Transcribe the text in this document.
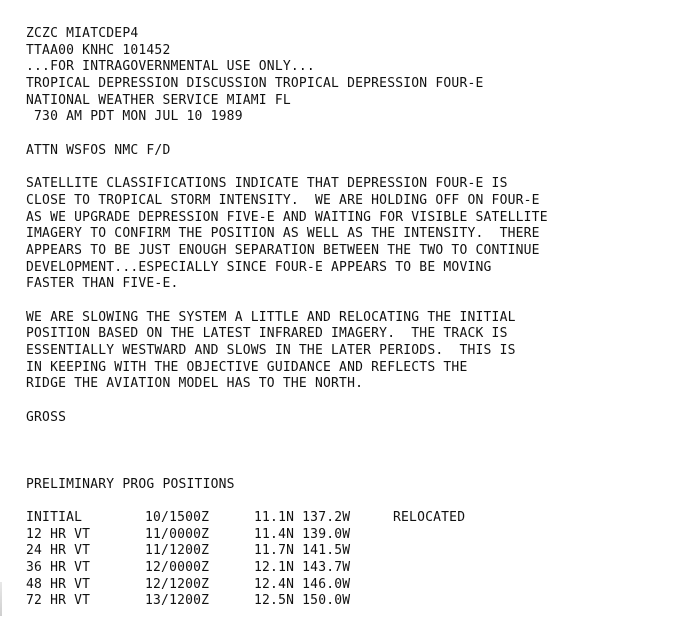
ZCZC MIATCDEP4
TTAA00 KNHC 101452
...FOR INTRAGOVERNMENTAL USE ONLY...
TROPICAL DEPRESSION DISCUSSION TROPICAL DEPRESSION FOUR-E
NATIONAL WEATHER SERVICE MIAMI FL
730 AM PDT MON JUL 10 1989
ATTN WSFOS NMC F/D
SATELLITE CLASSIFICATIONS INDICATE THAT DEPRESSION FOUR-E IS
CLOSE TO TROPICAL STORM INTENSITY.  WE ARE HOLDING OFF ON FOUR-E
AS WE UPGRADE DEPRESSION FIVE-E AND WAITING FOR VISIBLE SATELLITE
IMAGERY TO CONFIRM THE POSITION AS WELL AS THE INTENSITY.  THERE
APPEARS TO BE JUST ENOUGH SEPARATION BETWEEN THE TWO TO CONTINUE
DEVELOPMENT...ESPECIALLY SINCE FOUR-E APPEARS TO BE MOVING
FASTER THAN FIVE-E.
WE ARE SLOWING THE SYSTEM A LITTLE AND RELOCATING THE INITIAL
POSITION BASED ON THE LATEST INFRARED IMAGERY.  THE TRACK IS
ESSENTIALLY WESTWARD AND SLOWS IN THE LATER PERIODS.  THIS IS
IN KEEPING WITH THE OBJECTIVE GUIDANCE AND REFLECTS THE
RIDGE THE AVIATION MODEL HAS TO THE NORTH.
GROSS
PRELIMINARY PROG POSITIONS
INITIAL	10/1500Z	11.1N 137.2W	RELOCATED
12 HR VT	11/0000Z	11.4N 139.0W	
24 HR VT	11/1200Z	11.7N 141.5W	
36 HR VT	12/0000Z	12.1N 143.7W	
48 HR VT	12/1200Z	12.4N 146.0W	
72 HR VT	13/1200Z	12.5N 150.0W	
